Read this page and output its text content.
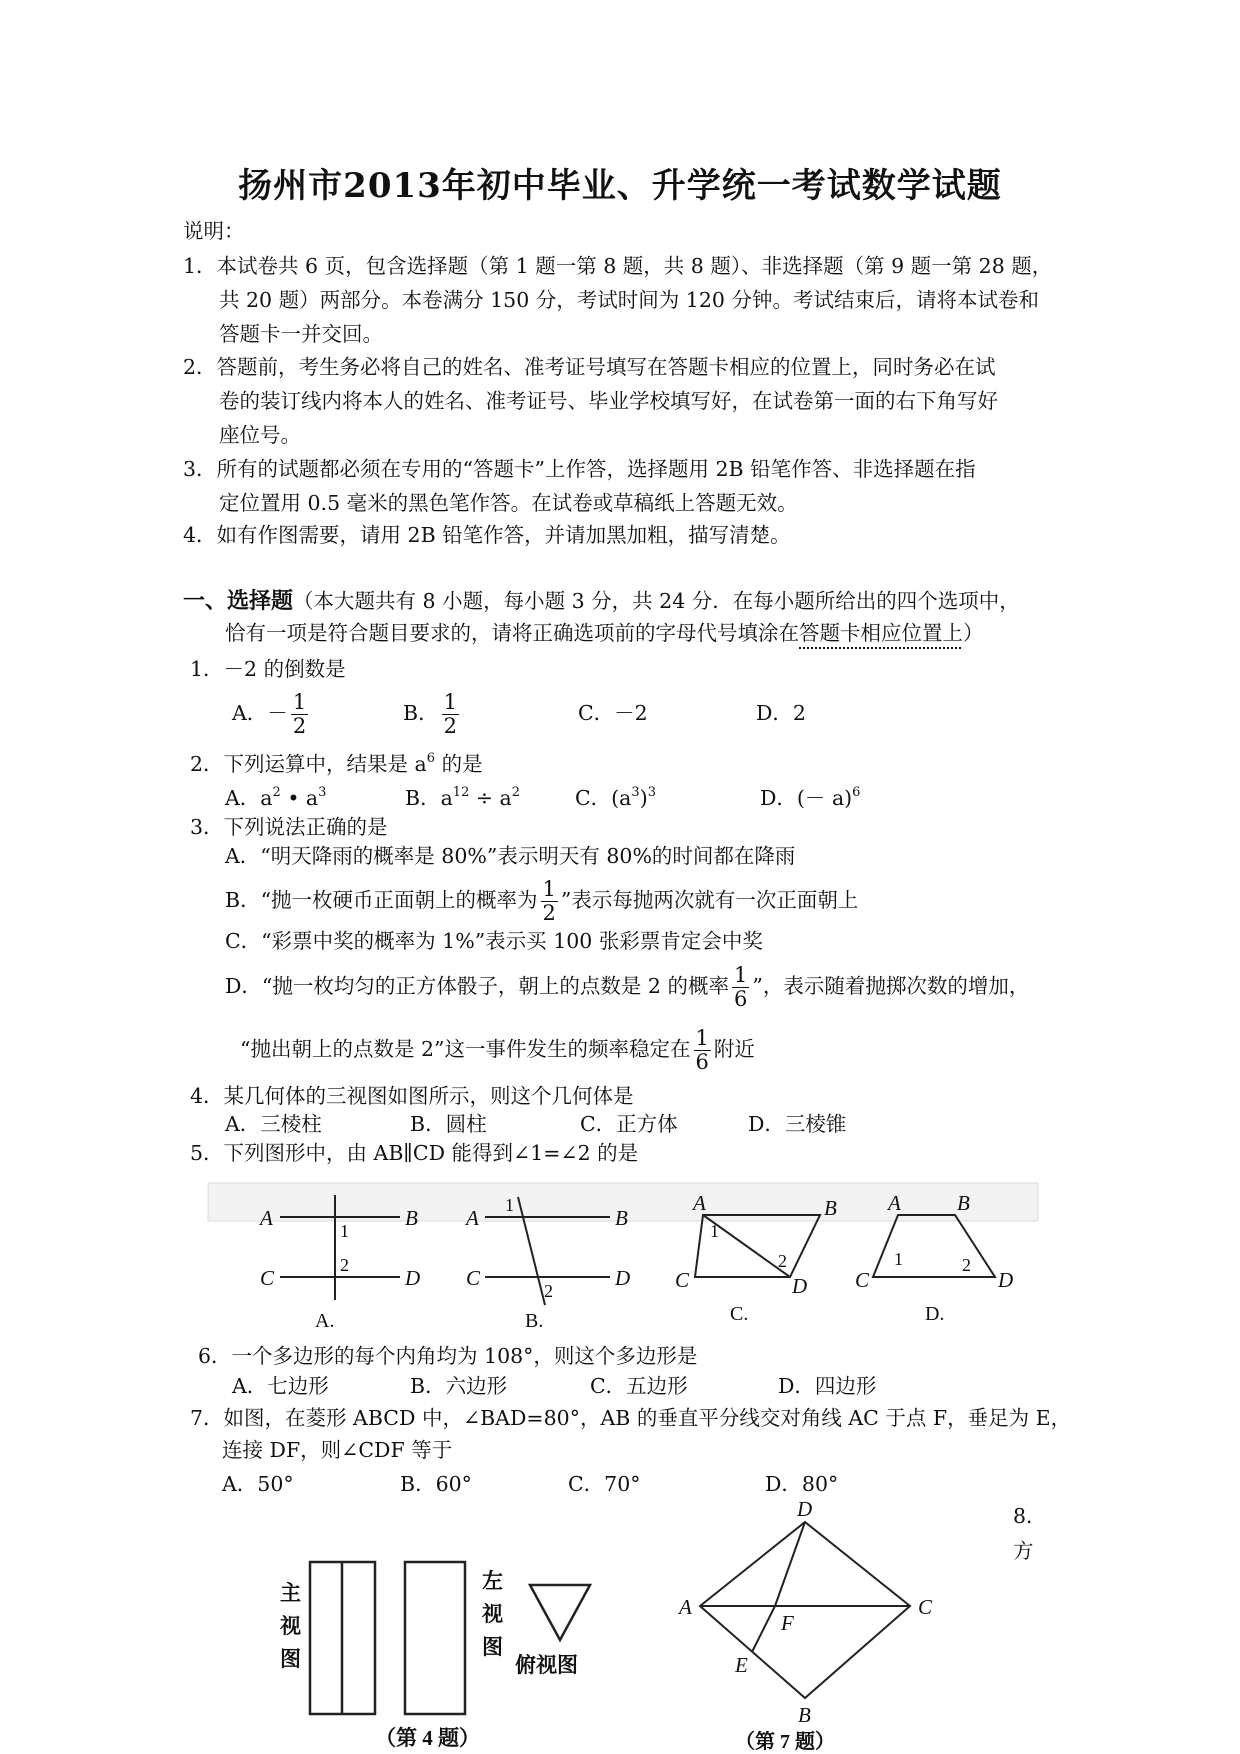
扬州市2013年初中毕业、升学统一考试数学试题
说明：
1．本试卷共 6 页，包含选择题（第 1 题一第 8 题，共 8 题）、非选择题（第 9 题一第 28 题，
共 20 题）两部分。本卷满分 150 分，考试时间为 120 分钟。考试结束后，请将本试卷和
答题卡一并交回。
2．答题前，考生务必将自己的姓名、准考证号填写在答题卡相应的位置上，同时务必在试
卷的装订线内将本人的姓名、准考证号、毕业学校填写好，在试卷第一面的右下角写好
座位号。
3．所有的试题都必须在专用的“答题卡”上作答，选择题用 2B 铅笔作答、非选择题在指
定位置用 0.5 毫米的黑色笔作答。在试卷或草稿纸上答题无效。
4．如有作图需要，请用 2B 铅笔作答，并请加黑加粗，描写清楚。
一、选择题（本大题共有 8 小题，每小题 3 分，共 24 分．在每小题所给出的四个选项中，
恰有一项是符合题目要求的，请将正确选项前的字母代号填涂在答题卡相应位置上）
1．－2 的倒数是
A．－ $\frac{1}{2}$	B． $\frac{1}{2}$	C．－2	D．2
2．下列运算中，结果是 $a^6$ 的是
A．$a^2$ • $a^3$	B．$a^{12} \div a^2$	C．$(a^3)^3$	D．(－ a)$^6$
3．下列说法正确的是
A．“明天降雨的概率是 80%”表示明天有 80%的时间都在降雨
B．“抛一枚硬币正面朝上的概率为 $\frac{1}{2}$ ”表示每抛两次就有一次正面朝上
C．“彩票中奖的概率为 1%”表示买 100 张彩票肯定会中奖
D．“抛一枚均匀的正方体骰子，朝上的点数是 2 的概率 $\frac{1}{6}$ ”，表示随着抛掷次数的增加，
“抛出朝上的点数是 2”这一事件发生的频率稳定在 $\frac{1}{6}$ 附近
4．某几何体的三视图如图所示，则这个几何体是
A．三棱柱	B．圆柱	C．正方体	D．三棱锥
5．下列图形中，由 AB∥CD 能得到∠1=∠2 的是
A	B
C	D
A	B
C	D
A	B
C	D
A	B
C	D
1
2
1
2
1
2	1	2
A.	B.	C.	D.
6．一个多边形的每个内角均为 108°，则这个多边形是
A．七边形	B．六边形	C．五边形	D．四边形
7．如图，在菱形 ABCD 中，∠BAD=80°，AB 的垂直平分线交对角线 AC 于点 F，垂足为 E，
连接 DF，则∠CDF 等于
A．50°	B．60°	C．70°	D．80°
8．
方
主
视
图
左
视
图
俯视图
（第 4 题）
D
A	C
F
E
B
（第 7 题）
